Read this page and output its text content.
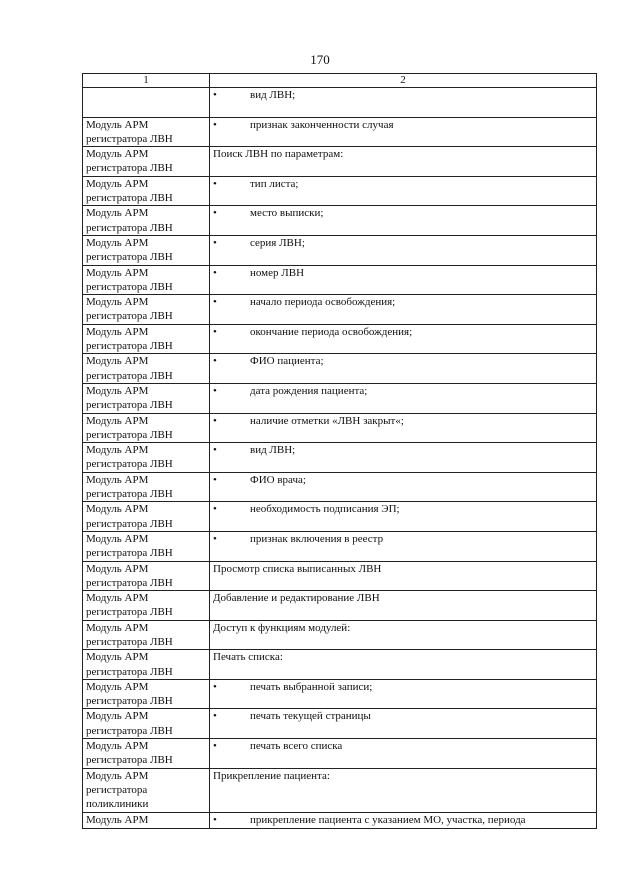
170
1	2

	• вид ЛВН;

Модуль АРМ регистратора ЛВН	• признак законченности случая

Модуль АРМ регистратора ЛВН	Поиск ЛВН по параметрам:

Модуль АРМ регистратора ЛВН	• тип листа;

Модуль АРМ регистратора ЛВН	• место выписки;

Модуль АРМ регистратора ЛВН	• серия ЛВН;

Модуль АРМ регистратора ЛВН	• номер ЛВН

Модуль АРМ регистратора ЛВН	• начало периода освобождения;

Модуль АРМ регистратора ЛВН	• окончание периода освобождения;

Модуль АРМ регистратора ЛВН	• ФИО пациента;

Модуль АРМ регистратора ЛВН	• дата рождения пациента;

Модуль АРМ регистратора ЛВН	• наличие отметки «ЛВН закрыт«;

Модуль АРМ регистратора ЛВН	• вид ЛВН;

Модуль АРМ регистратора ЛВН	• ФИО врача;

Модуль АРМ регистратора ЛВН	• необходимость подписания ЭП;

Модуль АРМ регистратора ЛВН	• признак включения в реестр

Модуль АРМ регистратора ЛВН	Просмотр списка выписанных ЛВН

Модуль АРМ регистратора ЛВН	Добавление и редактирование ЛВН

Модуль АРМ регистратора ЛВН	Доступ к функциям модулей:

Модуль АРМ регистратора ЛВН	Печать списка:

Модуль АРМ регистратора ЛВН	• печать выбранной записи;

Модуль АРМ регистратора ЛВН	• печать текущей страницы

Модуль АРМ регистратора ЛВН	• печать всего списка

Модуль АРМ регистратора поликлиники	Прикрепление пациента:

Модуль АРМ	• прикрепление пациента с указанием МО, участка, периода
